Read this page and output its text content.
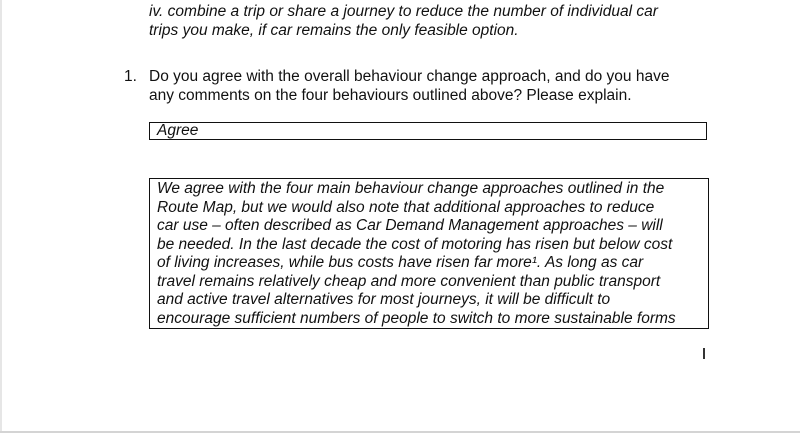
iv. combine a trip or share a journey to reduce the number of individual car
trips you make, if car remains the only feasible option.
1. Do you agree with the overall behaviour change approach, and do you have
any comments on the four behaviours outlined above? Please explain.
Agree
We agree with the four main behaviour change approaches outlined in the
Route Map, but we would also note that additional approaches to reduce
car use – often described as Car Demand Management approaches – will
be needed. In the last decade the cost of motoring has risen but below cost
of living increases, while bus costs have risen far more¹. As long as car
travel remains relatively cheap and more convenient than public transport
and active travel alternatives for most journeys, it will be difficult to
encourage sufficient numbers of people to switch to more sustainable forms
